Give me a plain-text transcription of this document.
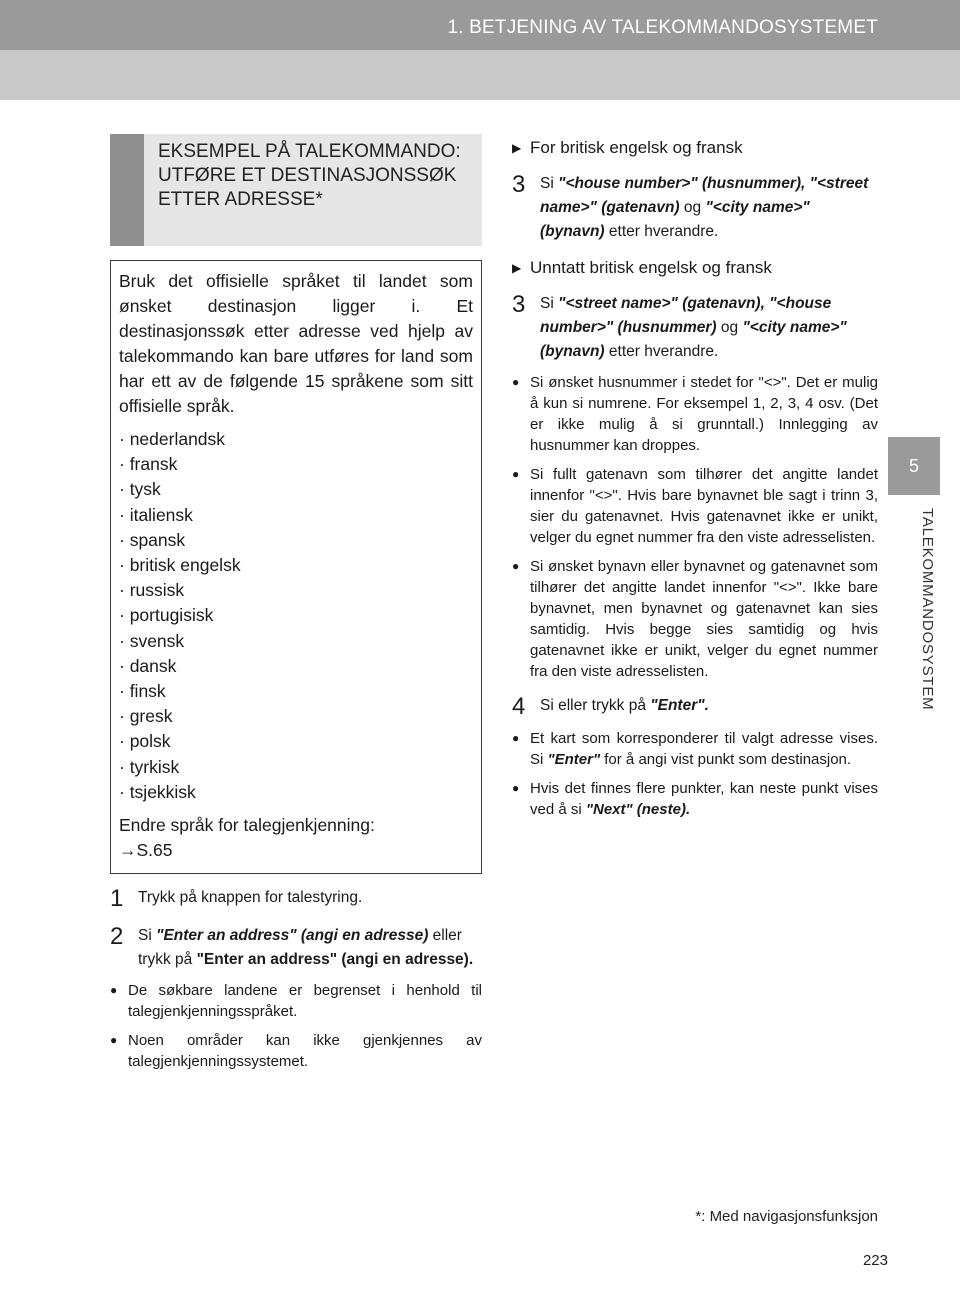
1. BETJENING AV TALEKOMMANDOSYSTEMET
5
TALEKOMMANDOSYSTEM
EKSEMPEL PÅ TALEKOMMANDO: UTFØRE ET DESTINASJONSSØK ETTER ADRESSE*

Bruk det offisielle språket til landet som ønsket destinasjon ligger i. Et destinasjonssøk etter adresse ved hjelp av talekommando kan bare utføres for land som har ett av de følgende 15 språkene som sitt offisielle språk.

· nederlandsk
· fransk
· tysk
· italiensk
· spansk
· britisk engelsk
· russisk
· portugisisk
· svensk
· dansk
· finsk
· gresk
· polsk
· tyrkisk
· tsjekkisk

Endre språk for talegjenkjenning:
→S.65

1 Trykk på knappen for talestyring.
2 Si "Enter an address" (angi en adresse) eller trykk på "Enter an address" (angi en adresse).
● De søkbare landene er begrenset i henhold til talegjenkjenningsspråket.
● Noen områder kan ikke gjenkjennes av talegjenkjenningssystemet.
▶ For britisk engelsk og fransk
3 Si "<house number>" (husnummer), "<street name>" (gatenavn) og "<city name>" (bynavn) etter hverandre.
▶ Unntatt britisk engelsk og fransk
3 Si "<street name>" (gatenavn), "<house number>" (husnummer) og "<city name>" (bynavn) etter hverandre.
● Si ønsket husnummer i stedet for "<>". Det er mulig å kun si numrene. For eksempel 1, 2, 3, 4 osv. (Det er ikke mulig å si grunntall.) Innlegging av husnummer kan droppes.
● Si fullt gatenavn som tilhører det angitte landet innenfor "<>". Hvis bare bynavnet ble sagt i trinn 3, sier du gatenavnet. Hvis gatenavnet ikke er unikt, velger du egnet nummer fra den viste adresselisten.
● Si ønsket bynavn eller bynavnet og gatenavnet som tilhører det angitte landet innenfor "<>". Ikke bare bynavnet, men bynavnet og gatenavnet kan sies samtidig. Hvis begge sies samtidig og hvis gatenavnet ikke er unikt, velger du egnet nummer fra den viste adresselisten.
4 Si eller trykk på "Enter".
● Et kart som korresponderer til valgt adresse vises. Si "Enter" for å angi vist punkt som destinasjon.
● Hvis det finnes flere punkter, kan neste punkt vises ved å si "Next" (neste).
*: Med navigasjonsfunksjon
223
